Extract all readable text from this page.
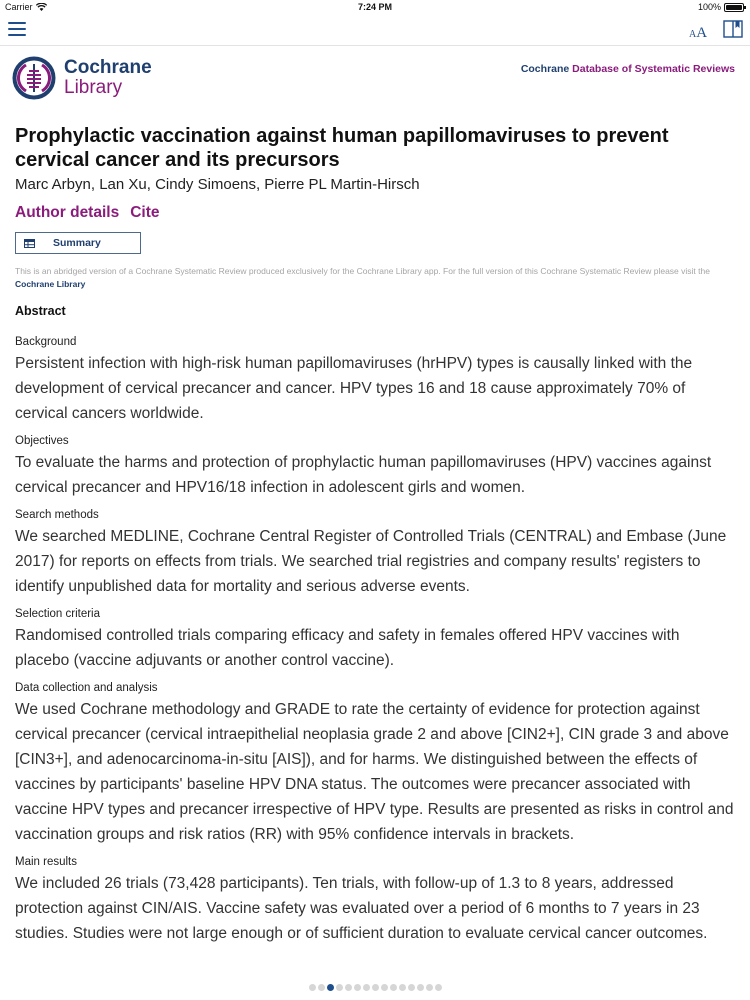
Carrier	7:24 PM	100%
AA
Cochrane
Library
Cochrane Database of Systematic Reviews
Prophylactic vaccination against human papillomaviruses to prevent cervical cancer and its precursors
Marc Arbyn, Lan Xu, Cindy Simoens, Pierre PL Martin-Hirsch
Author details Cite
Summary
This is an abridged version of a Cochrane Systematic Review produced exclusively for the Cochrane Library app. For the full version of this Cochrane Systematic Review please visit the Cochrane Library
Abstract
Background
Persistent infection with high-risk human papillomaviruses (hrHPV) types is causally linked with the development of cervical precancer and cancer. HPV types 16 and 18 cause approximately 70% of cervical cancers worldwide.
Objectives
To evaluate the harms and protection of prophylactic human papillomaviruses (HPV) vaccines against cervical precancer and HPV16/18 infection in adolescent girls and women.
Search methods
We searched MEDLINE, Cochrane Central Register of Controlled Trials (CENTRAL) and Embase (June 2017) for reports on effects from trials. We searched trial registries and company results' registers to identify unpublished data for mortality and serious adverse events.
Selection criteria
Randomised controlled trials comparing efficacy and safety in females offered HPV vaccines with placebo (vaccine adjuvants or another control vaccine).
Data collection and analysis
We used Cochrane methodology and GRADE to rate the certainty of evidence for protection against cervical precancer (cervical intraepithelial neoplasia grade 2 and above [CIN2+], CIN grade 3 and above [CIN3+], and adenocarcinoma-in-situ [AIS]), and for harms. We distinguished between the effects of vaccines by participants' baseline HPV DNA status. The outcomes were precancer associated with vaccine HPV types and precancer irrespective of HPV type. Results are presented as risks in control and vaccination groups and risk ratios (RR) with 95% confidence intervals in brackets.
Main results
We included 26 trials (73,428 participants). Ten trials, with follow-up of 1.3 to 8 years, addressed protection against CIN/AIS. Vaccine safety was evaluated over a period of 6 months to 7 years in 23 studies. Studies were not large enough or of sufficient duration to evaluate cervical cancer outcomes.
